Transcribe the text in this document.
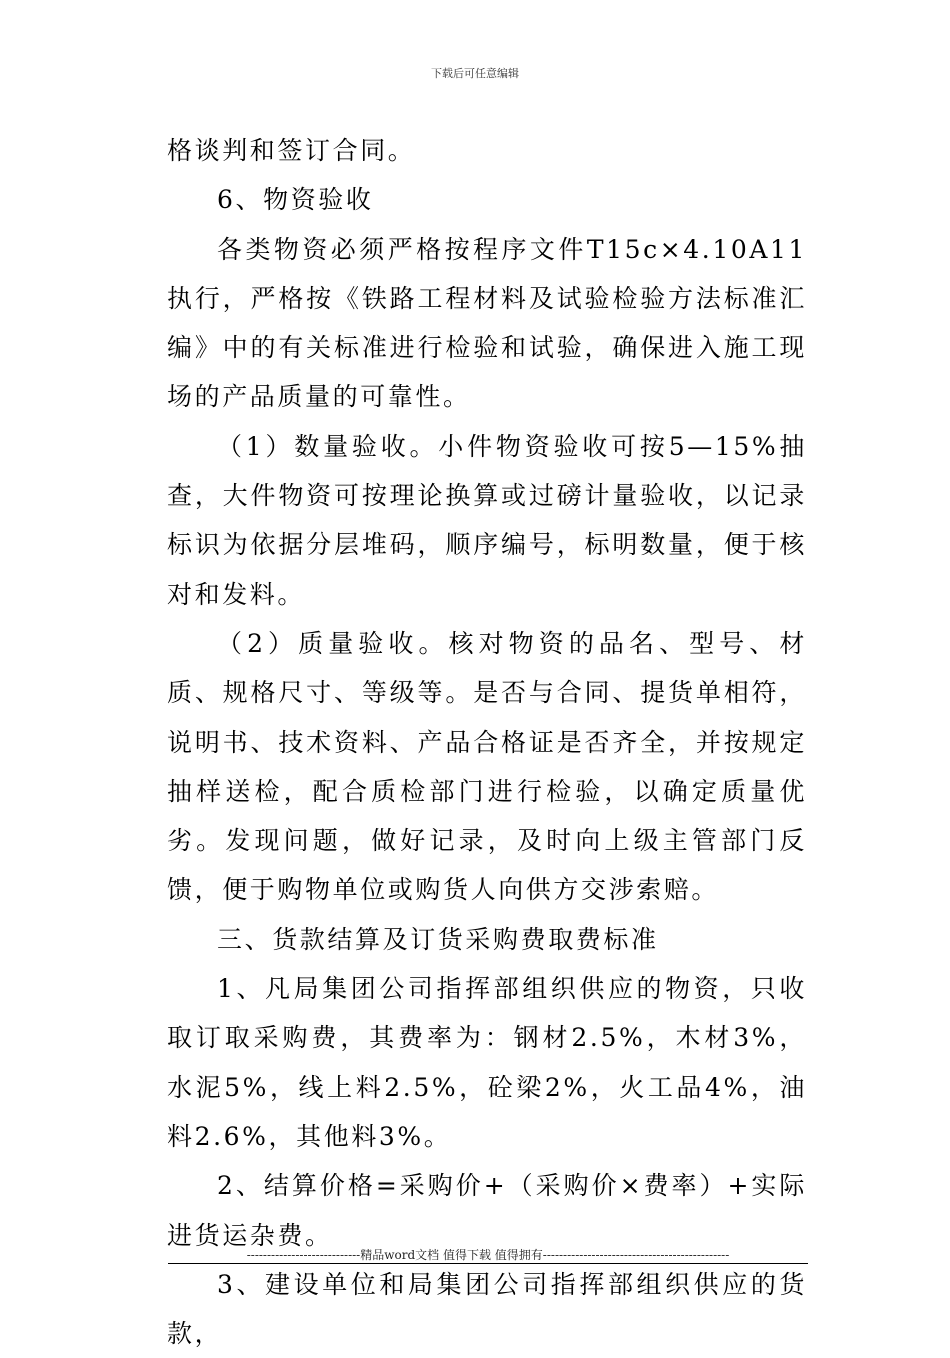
下载后可任意编辑

格谈判和签订合同。

6、物资验收

各类物资必须严格按程序文件T15c×4.10A11执行，严格按《铁路工程材料及试验检验方法标准汇编》中的有关标准进行检验和试验，确保进入施工现场的产品质量的可靠性。

（1）数量验收。小件物资验收可按5—15%抽查，大件物资可按理论换算或过磅计量验收，以记录标识为依据分层堆码，顺序编号，标明数量，便于核对和发料。

（2）质量验收。核对物资的品名、型号、材质、规格尺寸、等级等。是否与合同、提货单相符，说明书、技术资料、产品合格证是否齐全，并按规定抽样送检，配合质检部门进行检验，以确定质量优劣。发现问题，做好记录，及时向上级主管部门反馈，便于购物单位或购货人向供方交涉索赔。

三、货款结算及订货采购费取费标准

1、凡局集团公司指挥部组织供应的物资，只收取订取采购费，其费率为：钢材2.5%，木材3%，水泥5%，线上料2.5%，砼梁2%，火工品4%，油料2.6%，其他料3%。

2、结算价格=采购价+（采购价×费率）+实际进货运杂费。

3、建设单位和局集团公司指挥部组织供应的货款，

----------------------------精品word文档 值得下载 值得拥有----------------------------------------------
